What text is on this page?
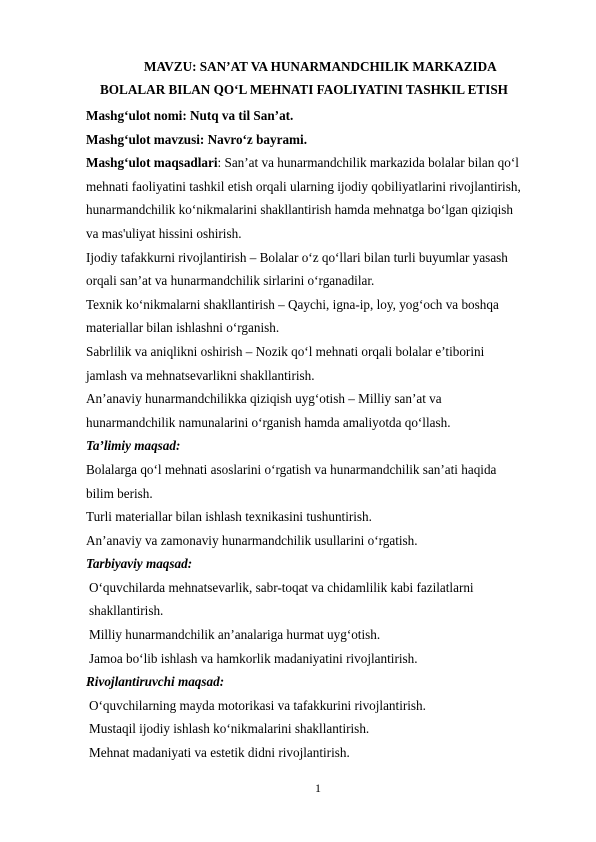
MAVZU: SAN’AT VA HUNARMANDCHILIK MARKAZIDA
BOLALAR BILAN QO‘L MEHNATI FAOLIYATINI TASHKIL ETISH

Mashgʻulot nomi: Nutq va til San’at.

Mashgʻulot mavzusi: Navro‘z bayrami.

Mashg‘ulot maqsadlari: San’at va hunarmandchilik markazida bolalar bilan qo‘l

mehnati faoliyatini tashkil etish orqali ularning ijodiy qobiliyatlarini rivojlantirish,

hunarmandchilik ko‘nikmalarini shakllantirish hamda mehnatga bo‘lgan qiziqish

va mas'uliyat hissini oshirish.

Ijodiy tafakkurni rivojlantirish – Bolalar o‘z qo‘llari bilan turli buyumlar yasash

orqali san’at va hunarmandchilik sirlarini o‘rganadilar.

Texnik ko‘nikmalarni shakllantirish – Qaychi, igna-ip, loy, yog‘och va boshqa

materiallar bilan ishlashni o‘rganish.

Sabrlilik va aniqlikni oshirish – Nozik qo‘l mehnati orqali bolalar e’tiborini

jamlash va mehnatsevarlikni shakllantirish.

An’anaviy hunarmandchilikka qiziqish uyg‘otish – Milliy san’at va

hunarmandchilik namunalarini o‘rganish hamda amaliyotda qo‘llash.

Ta’limiy maqsad:

Bolalarga qo‘l mehnati asoslarini o‘rgatish va hunarmandchilik san’ati haqida

bilim berish.

Turli materiallar bilan ishlash texnikasini tushuntirish.

An’anaviy va zamonaviy hunarmandchilik usullarini o‘rgatish.

Tarbiyaviy maqsad:

O‘quvchilarda mehnatsevarlik, sabr-toqat va chidamlilik kabi fazilatlarni

shakllantirish.

Milliy hunarmandchilik an’analariga hurmat uyg‘otish.

Jamoa bo‘lib ishlash va hamkorlik madaniyatini rivojlantirish.

Rivojlantiruvchi maqsad:

O‘quvchilarning mayda motorikasi va tafakkurini rivojlantirish.

Mustaqil ijodiy ishlash ko‘nikmalarini shakllantirish.

Mehnat madaniyati va estetik didni rivojlantirish.

1
